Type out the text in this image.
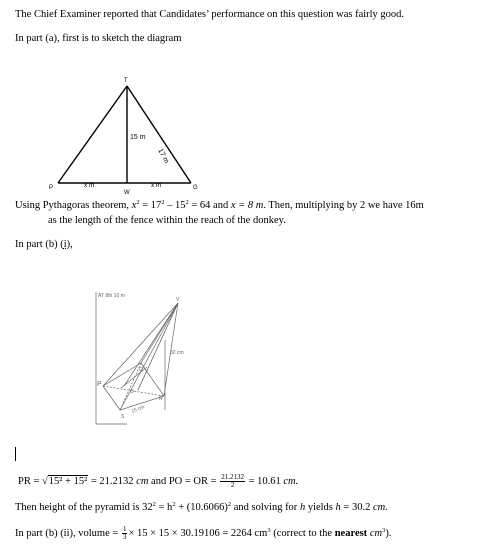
The Chief Examiner reported that Candidates’ performance on this question was fairly good.
In part (a), first is to sketch the diagram
T
P
W
G
15 m
17 m
x m	x m
Using Pythagoras theorem, $x^2 = 17^2 - 15^2 = 64$ and x = 8 m. Then, multiplying by 2 we have 16m
as the length of the fence within the reach of the donkey.
In part (b) (i),
AT 8th 10 m
V
P
Q
O
R
S
32 cm
15 cm
PR = √15² + 15² = 21.2132 cm and PO = OR = $\frac{21.2132}{2} = 10.61$ cm.
Then height of the pyramid is $32^2 = h^2 + (10.6066)^2$ and solving for h yields h = 30.2 cm.
In part (b) (ii), volume = $\frac{1}{3} \times 15 \times 15 \times 30.19106 = 2264$ $cm^3$ (correct to the nearest $cm^3$).
